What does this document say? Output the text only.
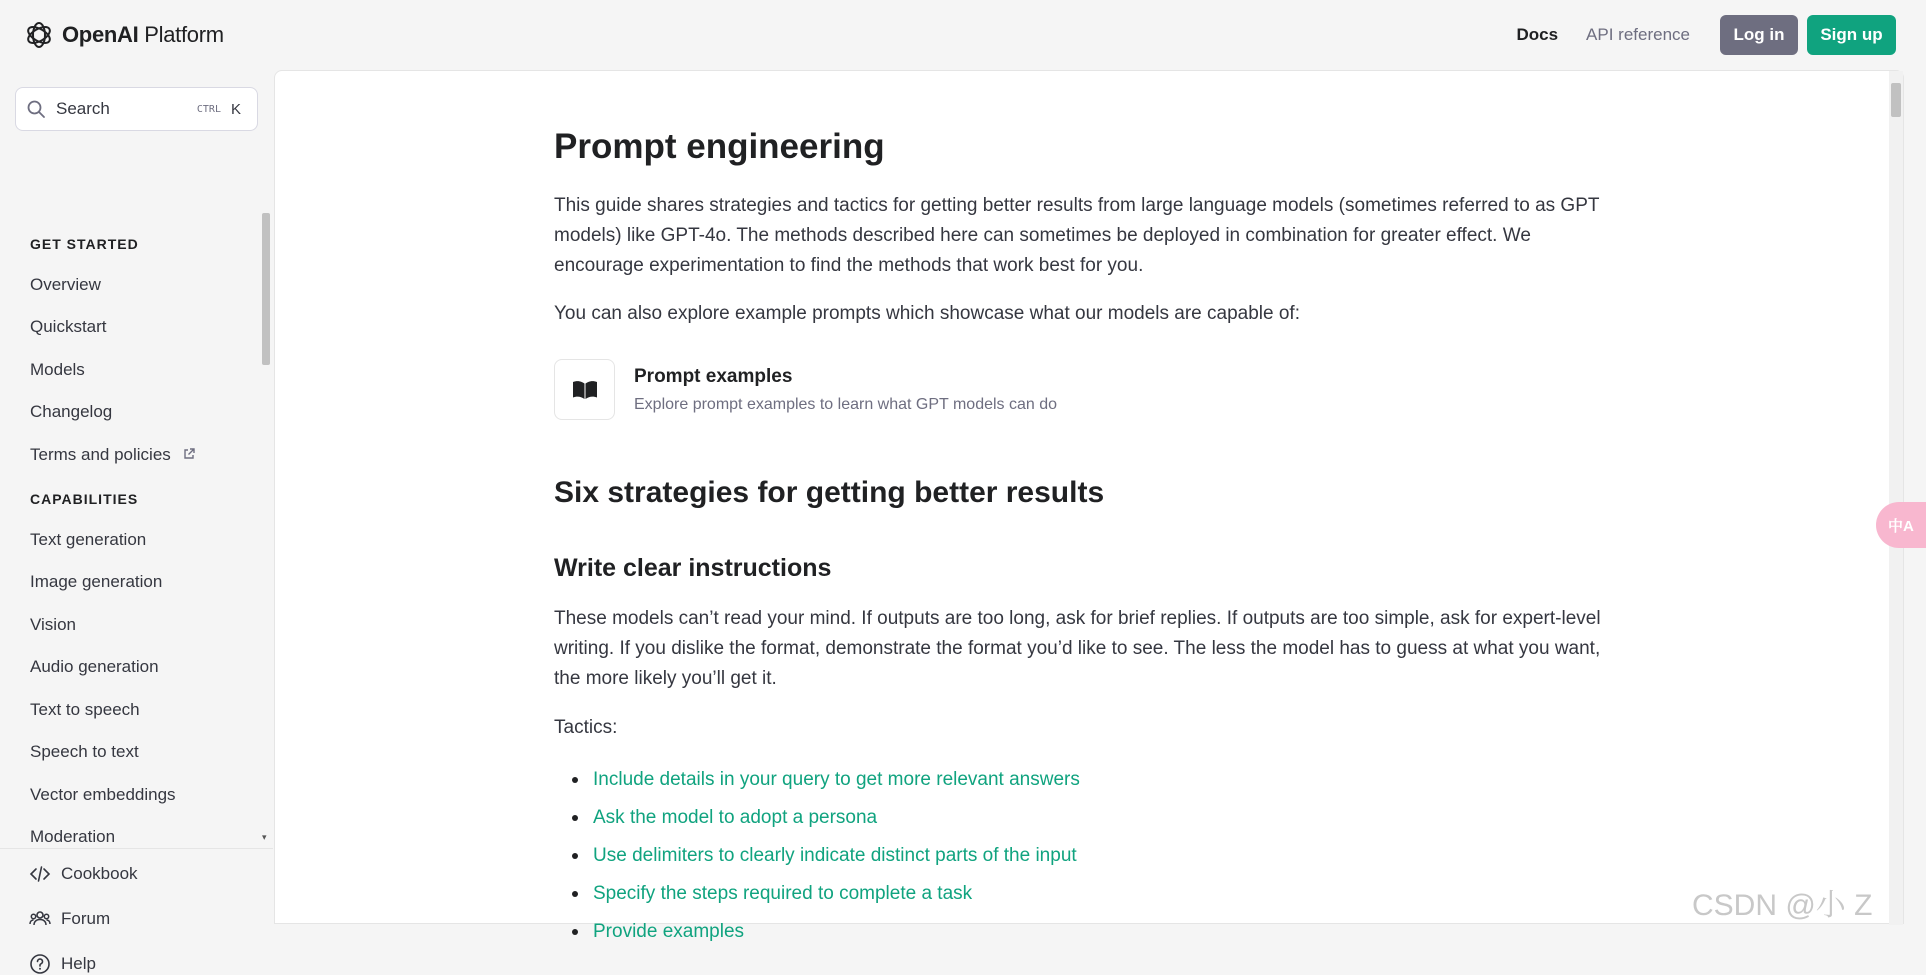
OpenAI Platform	Docs API reference	Log in	Sign up
Search	CTRL K
GET STARTED
Overview
Quickstart
Models
Changelog
Terms and policies
CAPABILITIES
Text generation
Image generation
Vision
Audio generation
Text to speech
Speech to text
Vector embeddings
Moderation	▾
Cookbook
Forum
Help
Prompt engineering

This guide shares strategies and tactics for getting better results from large language models (sometimes referred to as GPT models) like GPT-4o. The methods described here can sometimes be deployed in combination for greater effect. We encourage experimentation to find the methods that work best for you.

You can also explore example prompts which showcase what our models are capable of:

Prompt examples
Explore prompt examples to learn what GPT models can do
Six strategies for getting better results
Write clear instructions

These models can’t read your mind. If outputs are too long, ask for brief replies. If outputs are too simple, ask for expert-level writing. If you dislike the format, demonstrate the format you’d like to see. The less the model has to guess at what you want, the more likely you’ll get it.

Tactics:

Include details in your query to get more relevant answers
Ask the model to adopt a persona
Use delimiters to clearly indicate distinct parts of the input
Specify the steps required to complete a task
Provide examples
中A
CSDN @小 Z
